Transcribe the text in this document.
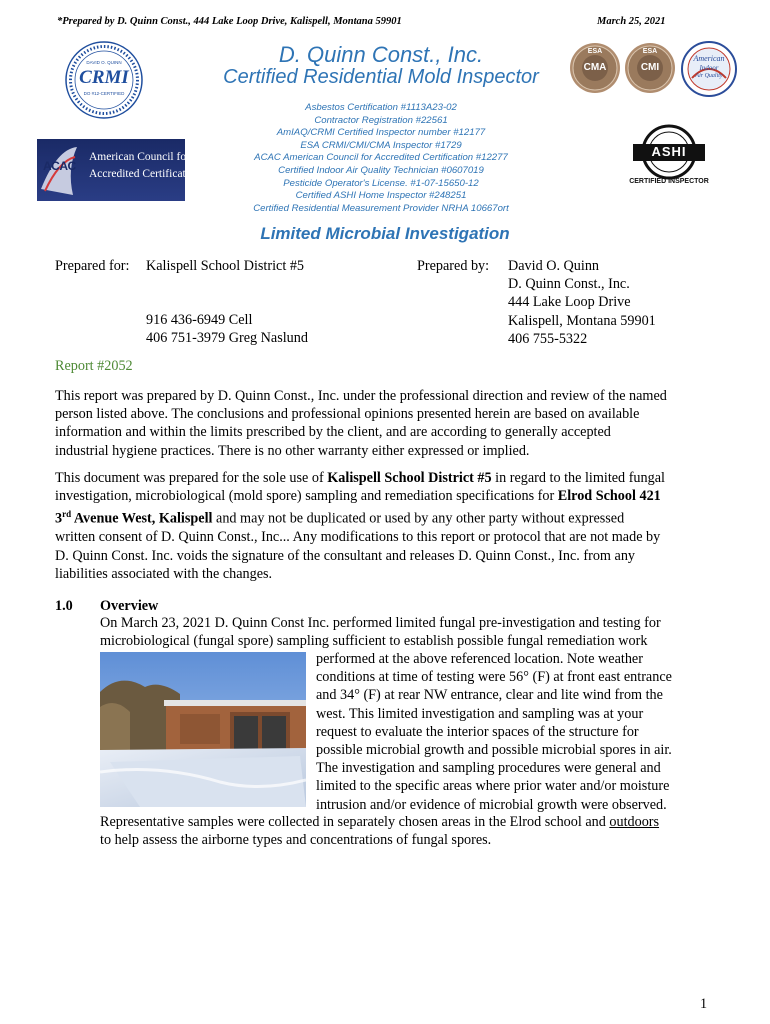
*Prepared by D. Quinn Const., 444 Lake Loop Drive, Kalispell, Montana 59901	March 25, 2021
DAVID O. QUINN
CRMI
DO #12-CERTIFIED
D. Quinn Const., Inc.
Certified Residential Mold Inspector
ESA
CMA
ESA
CMI
American
Indoor
Air Quality
ACAC
American Council for
Accredited Certification
Asbestos Certification #1113A23-02
Contractor Registration #22561
AmIAQ/CRMI Certified Inspector number #12177
ESA CRMI/CMI/CMA Inspector #1729
ACAC American Council for Accredited Certification #12277
Certified Indoor Air Quality Technician #0607019
Pesticide Operator's License. #1-07-15650-12
Certified ASHI Home Inspector #248251
Certified Residential Measurement Provider NRHA 10667ort
ASHI
CERTIFIED INSPECTOR
Limited Microbial Investigation
Prepared for: Kalispell School District #5
916 436-6949 Cell
406 751-3979 Greg Naslund
Prepared by: David O. Quinn
D. Quinn Const., Inc.
444 Lake Loop Drive
Kalispell, Montana 59901
406 755-5322
Report #2052
This report was prepared by D. Quinn Const., Inc. under the professional direction and review of the named
person listed above. The conclusions and professional opinions presented herein are based on available
information and within the limits prescribed by the client, and are according to generally accepted
industrial hygiene practices. There is no other warranty either expressed or implied.
This document was prepared for the sole use of Kalispell School District #5 in regard to the limited fungal
investigation, microbiological (mold spore) sampling and remediation specifications for Elrod School 421
3rd Avenue West, Kalispell and may not be duplicated or used by any other party without expressed
written consent of D. Quinn Const., Inc... Any modifications to this report or protocol that are not made by
D. Quinn Const. Inc. voids the signature of the consultant and releases D. Quinn Const., Inc. from any
liabilities associated with the changes.
1.0 Overview
On March 23, 2021 D. Quinn Const Inc. performed limited fungal pre-investigation and testing for
microbiological (fungal spore) sampling sufficient to establish possible fungal remediation work
performed at the above referenced location. Note weather
conditions at time of testing were 56° (F) at front east entrance
and 34° (F) at rear NW entrance, clear and lite wind from the
west. This limited investigation and sampling was at your
request to evaluate the interior spaces of the structure for
possible microbial growth and possible microbial spores in air.
The investigation and sampling procedures were general and
limited to the specific areas where prior water and/or moisture
intrusion and/or evidence of microbial growth were observed.
Representative samples were collected in separately chosen areas in the Elrod school and outdoors
to help assess the airborne types and concentrations of fungal spores.
1
